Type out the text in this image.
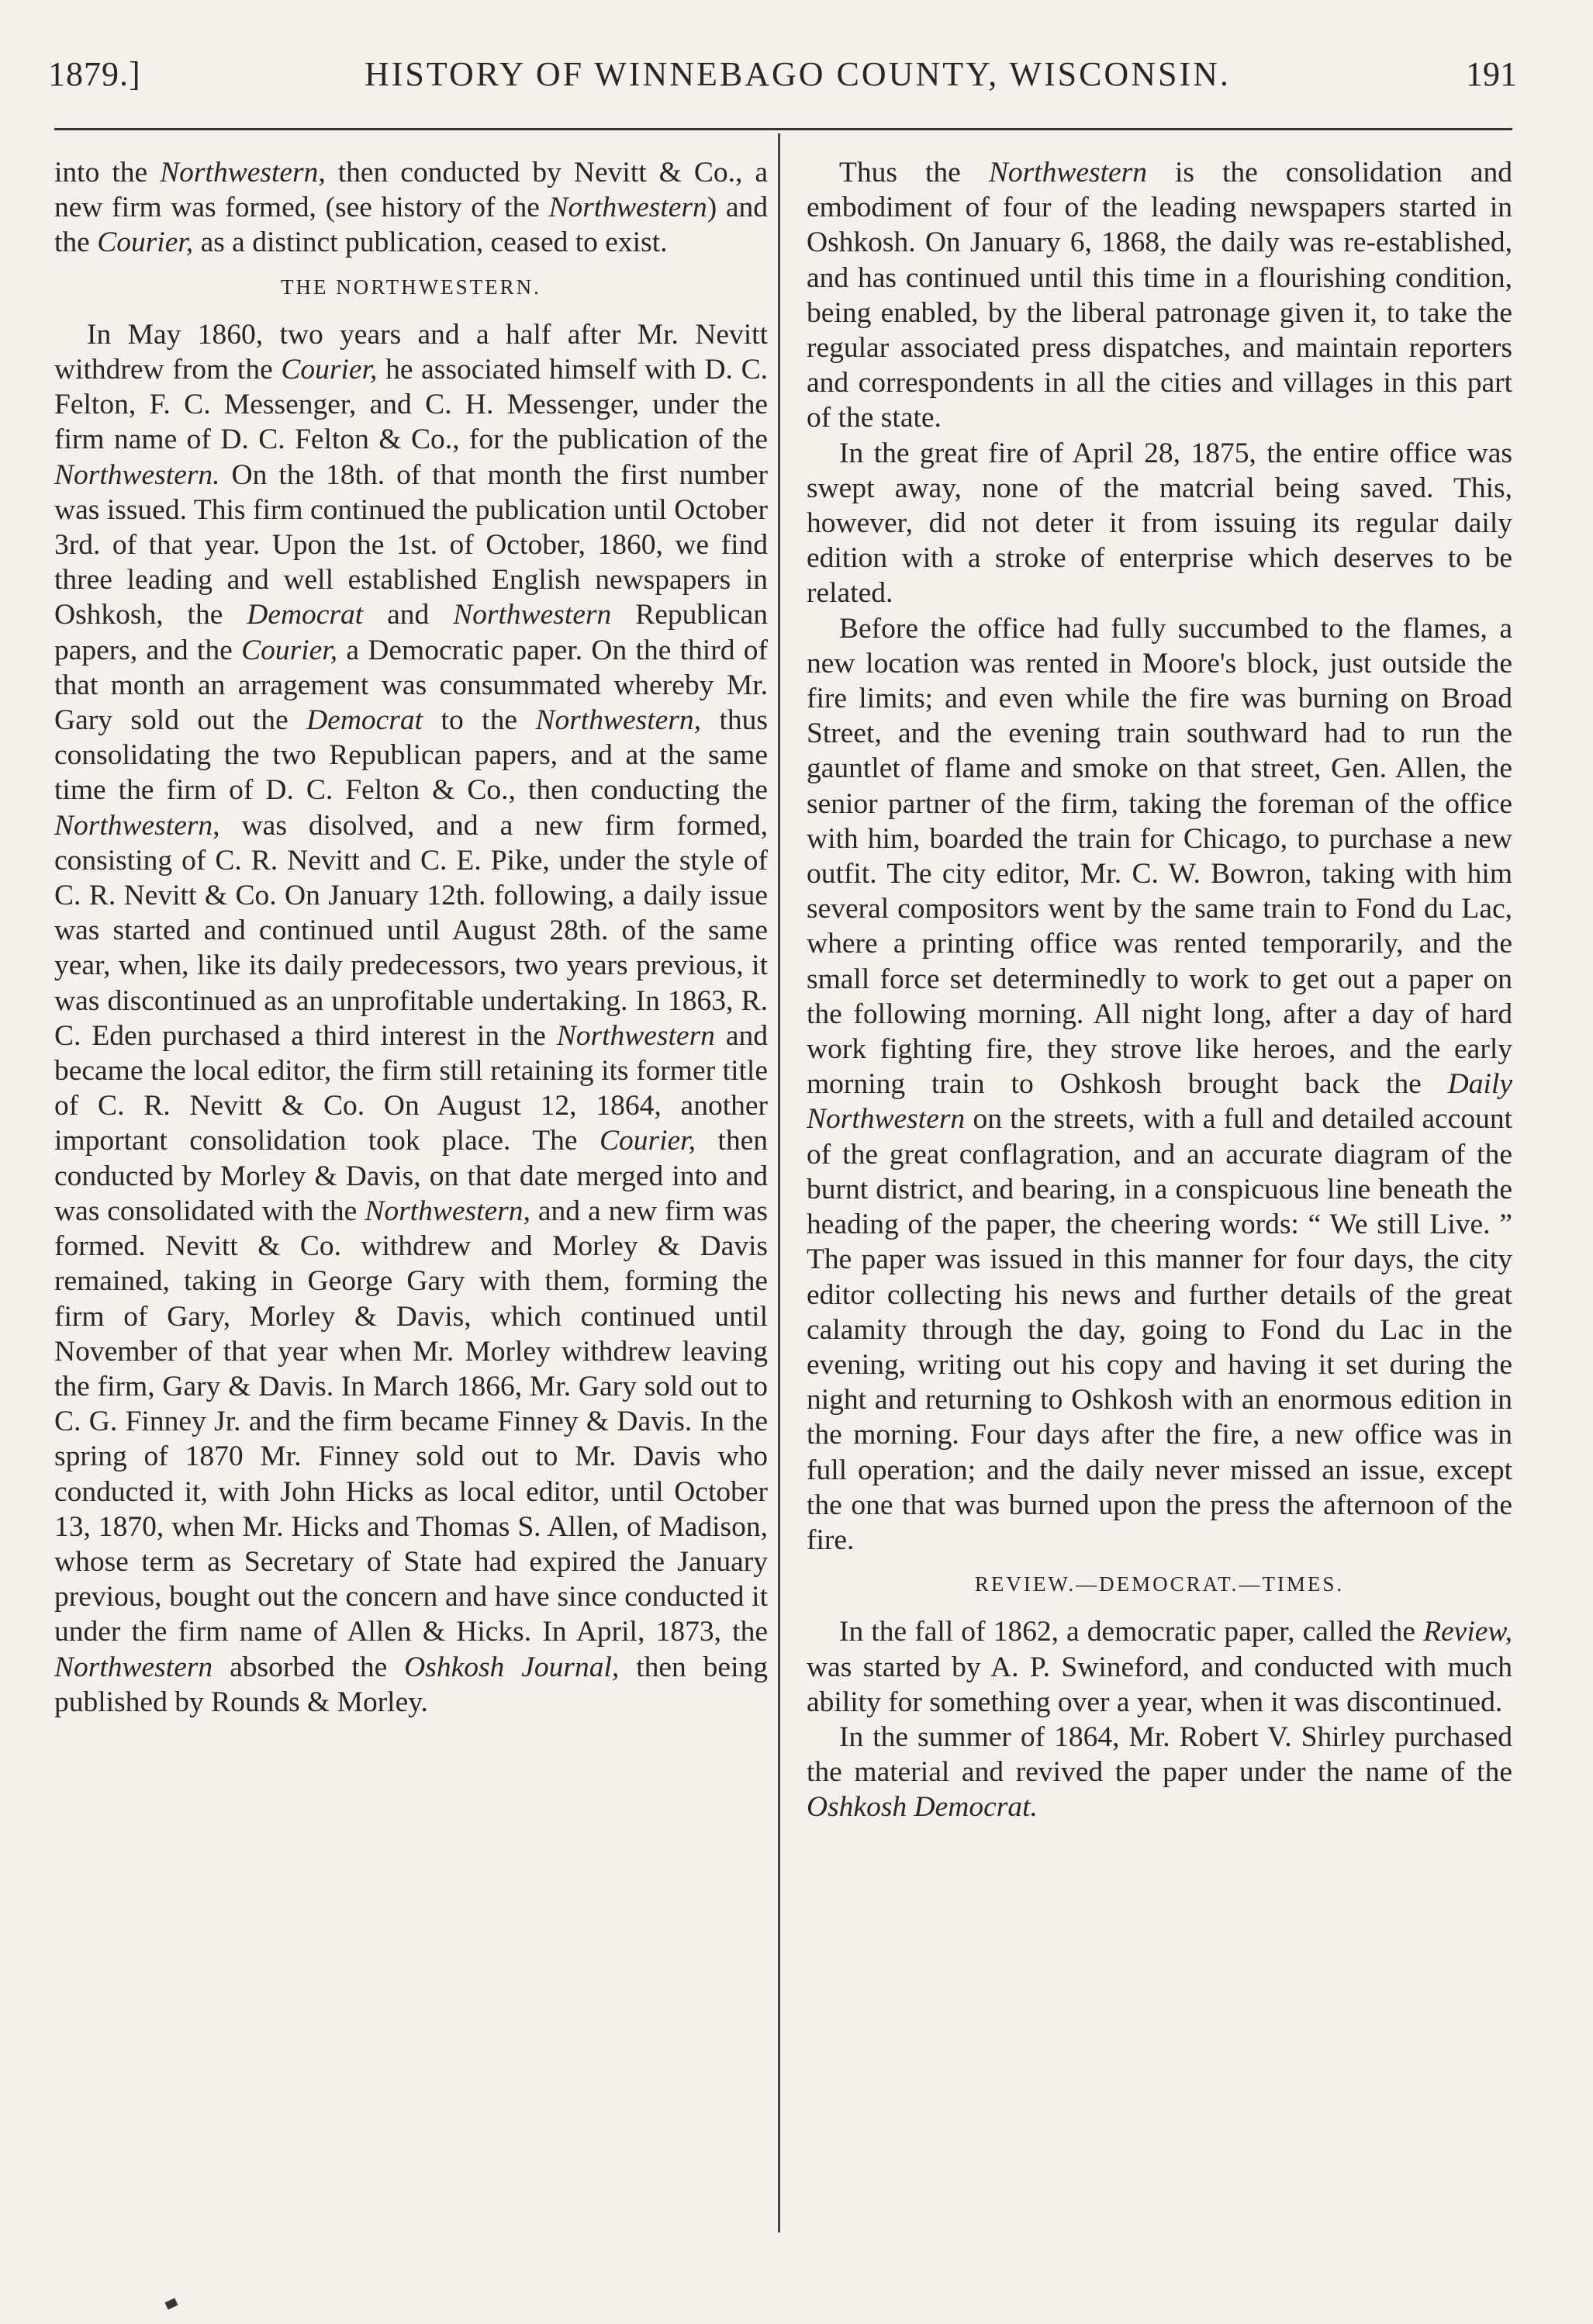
1879.]	HISTORY OF WINNEBAGO COUNTY, WISCONSIN.	191

into the Northwestern, then conducted by Nevitt & Co., a new firm was formed, (see history of the Northwestern) and the Courier, as a distinct publication, ceased to exist.

THE NORTHWESTERN.

In May 1860, two years and a half after Mr. Nevitt withdrew from the Courier, he associated himself with D. C. Felton, F. C. Messenger, and C. H. Messenger, under the firm name of D. C. Felton & Co., for the publication of the Northwestern. On the 18th. of that month the first number was issued. This firm continued the publication until October 3rd. of that year. Upon the 1st. of October, 1860, we find three leading and well established English newspapers in Oshkosh, the Democrat and Northwestern Republican papers, and the Courier, a Democratic paper. On the third of that month an arragement was consummated whereby Mr. Gary sold out the Democrat to the Northwestern, thus consolidating the two Republican papers, and at the same time the firm of D. C. Felton & Co., then conducting the Northwestern, was disolved, and a new firm formed, consisting of C. R. Nevitt and C. E. Pike, under the style of C. R. Nevitt & Co. On January 12th. following, a daily issue was started and continued until August 28th. of the same year, when, like its daily predecessors, two years previous, it was discontinued as an unprofitable undertaking. In 1863, R. C. Eden purchased a third interest in the Northwestern and became the local editor, the firm still retaining its former title of C. R. Nevitt & Co. On August 12, 1864, another important consolidation took place. The Courier, then conducted by Morley & Davis, on that date merged into and was consolidated with the Northwestern, and a new firm was formed. Nevitt & Co. withdrew and Morley & Davis remained, taking in George Gary with them, forming the firm of Gary, Morley & Davis, which continued until November of that year when Mr. Morley withdrew leaving the firm, Gary & Davis. In March 1866, Mr. Gary sold out to C. G. Finney Jr. and the firm became Finney & Davis. In the spring of 1870 Mr. Finney sold out to Mr. Davis who conducted it, with John Hicks as local editor, until October 13, 1870, when Mr. Hicks and Thomas S. Allen, of Madison, whose term as Secretary of State had expired the January previous, bought out the concern and have since conducted it under the firm name of Allen & Hicks. In April, 1873, the Northwestern absorbed the Oshkosh Journal, then being published by Rounds & Morley.

Thus the Northwestern is the consolidation and embodiment of four of the leading newspapers started in Oshkosh. On January 6, 1868, the daily was re-established, and has continued until this time in a flourishing condition, being enabled, by the liberal patronage given it, to take the regular associated press dispatches, and maintain reporters and correspondents in all the cities and villages in this part of the state.

In the great fire of April 28, 1875, the entire office was swept away, none of the matcrial being saved. This, however, did not deter it from issuing its regular daily edition with a stroke of enterprise which deserves to be related.

Before the office had fully succumbed to the flames, a new location was rented in Moore's block, just outside the fire limits; and even while the fire was burning on Broad Street, and the evening train southward had to run the gauntlet of flame and smoke on that street, Gen. Allen, the senior partner of the firm, taking the foreman of the office with him, boarded the train for Chicago, to purchase a new outfit. The city editor, Mr. C. W. Bowron, taking with him several compositors went by the same train to Fond du Lac, where a printing office was rented temporarily, and the small force set determinedly to work to get out a paper on the following morning. All night long, after a day of hard work fighting fire, they strove like heroes, and the early morning train to Oshkosh brought back the Daily Northwestern on the streets, with a full and detailed account of the great conflagration, and an accurate diagram of the burnt district, and bearing, in a conspicuous line beneath the heading of the paper, the cheering words: “ We still Live. ” The paper was issued in this manner for four days, the city editor collecting his news and further details of the great calamity through the day, going to Fond du Lac in the evening, writing out his copy and having it set during the night and returning to Oshkosh with an enormous edition in the morning. Four days after the fire, a new office was in full operation; and the daily never missed an issue, except the one that was burned upon the press the afternoon of the fire.

REVIEW.—DEMOCRAT.—TIMES.

In the fall of 1862, a democratic paper, called the Review, was started by A. P. Swineford, and conducted with much ability for something over a year, when it was discontinued.

In the summer of 1864, Mr. Robert V. Shirley purchased the material and revived the paper under the name of the Oshkosh Democrat.
